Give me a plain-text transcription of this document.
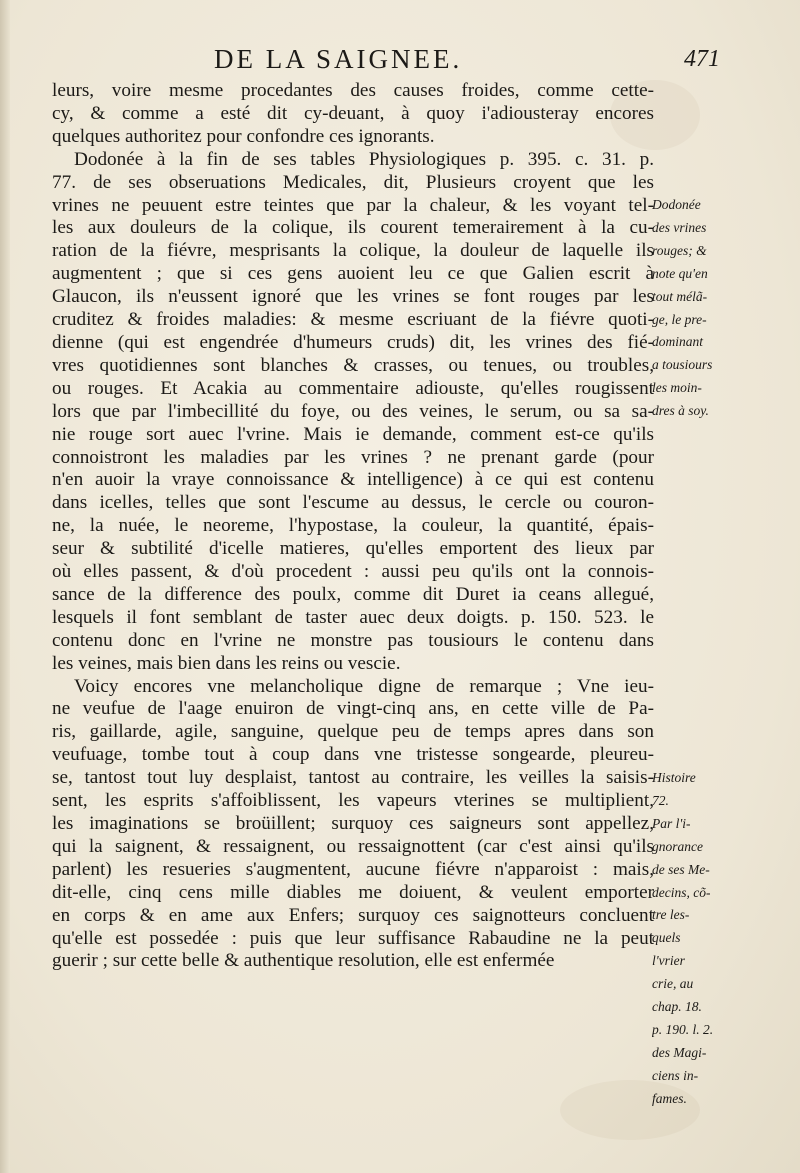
DE LA SAIGNEE.	471
leurs, voire mesme procedantes des causes froides, comme cette-
cy, & comme a esté dit cy-deuant, à quoy i'adiousteray encores
quelques authoritez pour confondre ces ignorants.
Dodonée à la fin de ses tables Physiologiques p. 395. c. 31. p.
77. de ses obseruations Medicales, dit, Plusieurs croyent que les
vrines ne peuuent estre teintes que par la chaleur, & les voyant tel-
les aux douleurs de la colique, ils courent temerairement à la cu-
ration de la fiévre, mesprisants la colique, la douleur de laquelle ils
augmentent ; que si ces gens auoient leu ce que Galien escrit à
Glaucon, ils n'eussent ignoré que les vrines se font rouges par les
cruditez & froides maladies: & mesme escriuant de la fiévre quoti-
dienne (qui est engendrée d'humeurs cruds) dit, les vrines des fié-
vres quotidiennes sont blanches & crasses, ou tenues, ou troubles,
ou rouges. Et Acakia au commentaire adiouste, qu'elles rougissent
lors que par l'imbecillité du foye, ou des veines, le serum, ou sa sa-
nie rouge sort auec l'vrine. Mais ie demande, comment est-ce qu'ils
connoistront les maladies par les vrines ? ne prenant garde (pour
n'en auoir la vraye connoissance & intelligence) à ce qui est contenu
dans icelles, telles que sont l'escume au dessus, le cercle ou couron-
ne, la nuée, le neoreme, l'hypostase, la couleur, la quantité, épais-
seur & subtilité d'icelle matieres, qu'elles emportent des lieux par
où elles passent, & d'où procedent : aussi peu qu'ils ont la connois-
sance de la difference des poulx, comme dit Duret ia ceans allegué,
lesquels il font semblant de taster auec deux doigts. p. 150. 523. le
contenu donc en l'vrine ne monstre pas tousiours le contenu dans
les veines, mais bien dans les reins ou vescie.
Voicy encores vne melancholique digne de remarque ; Vne ieu-
ne veufue de l'aage enuiron de vingt-cinq ans, en cette ville de Pa-
ris, gaillarde, agile, sanguine, quelque peu de temps apres dans son
veufuage, tombe tout à coup dans vne tristesse songearde, pleureu-
se, tantost tout luy desplaist, tantost au contraire, les veilles la saisis-
sent, les esprits s'affoiblissent, les vapeurs vterines se multiplient,
les imaginations se broüillent; surquoy ces saigneurs sont appellez,
qui la saignent, & ressaignent, ou ressaignottent (car c'est ainsi qu'ils
parlent) les resueries s'augmentent, aucune fiévre n'apparoist : mais,
dit-elle, cinq cens mille diables me doiuent, & veulent emporter
en corps & en ame aux Enfers; surquoy ces saignotteurs concluent
qu'elle est possedée : puis que leur suffisance Rabaudine ne la peut
guerir ; sur cette belle & authentique resolution, elle est enfermée
Dodonée
des vrines
rouges; &
note qu'en
tout mélã-
ge, le pre-
dominant
a tousiours
les moin-
dres à soy.
Histoire
72.
Par l'i-
gnorance
de ses Me-
decins, cõ-
tre les-
quels
l'vrier
crie, au
chap. 18.
p. 190. l. 2.
des Magi-
ciens in-
fames.
